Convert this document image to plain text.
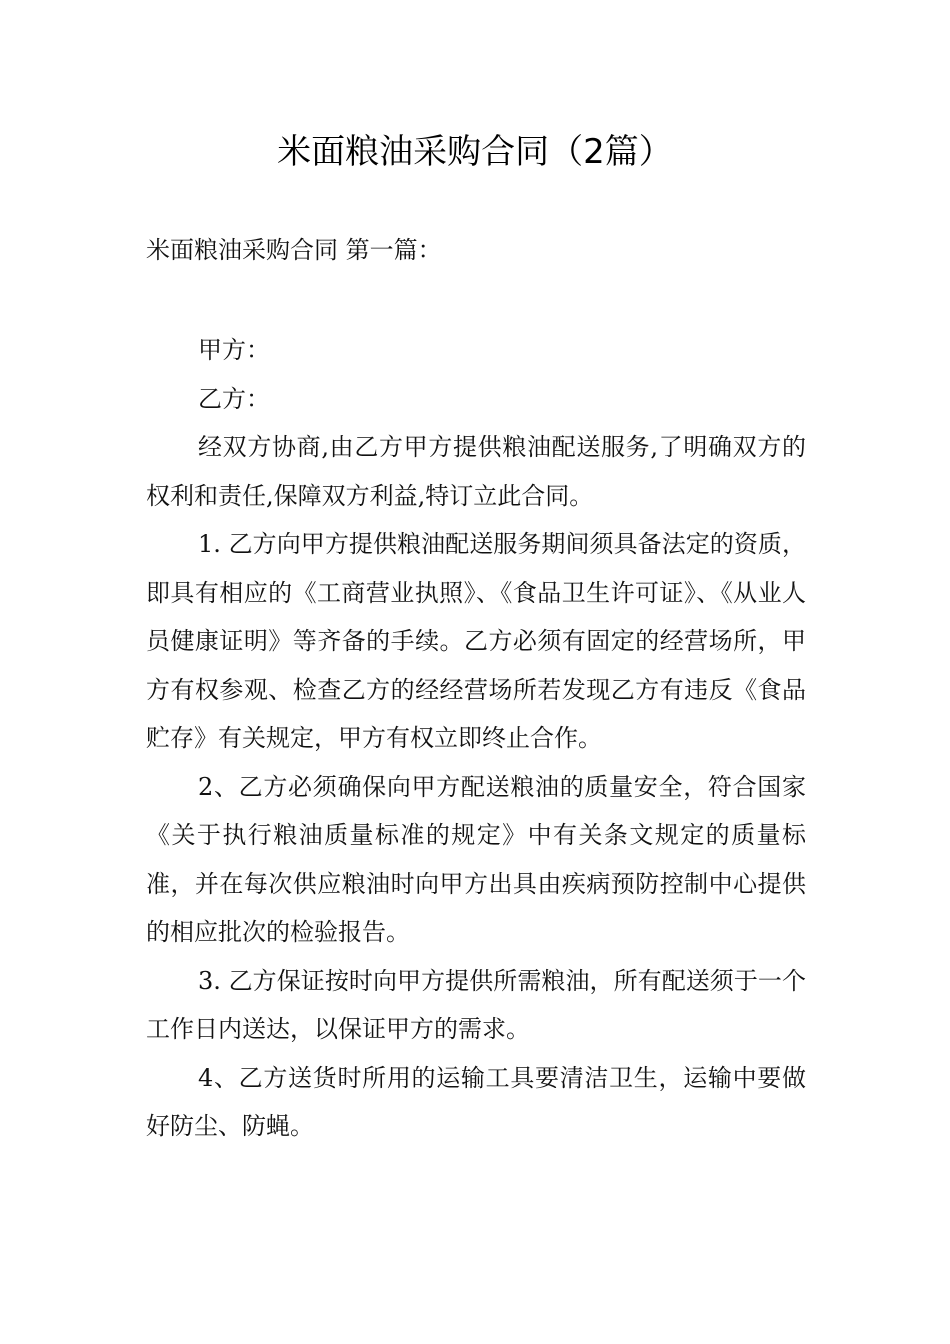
米面粮油采购合同（2篇）
米面粮油采购合同 第一篇：

甲方：

乙方：

经双方协商,由乙方甲方提供粮油配送服务,了明确双方的权利和责任,保障双方利益,特订立此合同。

1. 乙方向甲方提供粮油配送服务期间须具备法定的资质，即具有相应的《工商营业执照》、《食品卫生许可证》、《从业人员健康证明》等齐备的手续。乙方必须有固定的经营场所，甲方有权参观、检查乙方的经经营场所若发现乙方有违反《食品贮存》有关规定，甲方有权立即终止合作。

2、乙方必须确保向甲方配送粮油的质量安全，符合国家《关于执行粮油质量标准的规定》中有关条文规定的质量标准，并在每次供应粮油时向甲方出具由疾病预防控制中心提供的相应批次的检验报告。

3. 乙方保证按时向甲方提供所需粮油，所有配送须于一个工作日内送达，以保证甲方的需求。

4、乙方送货时所用的运输工具要清洁卫生，运输中要做好防尘、防蝇。
